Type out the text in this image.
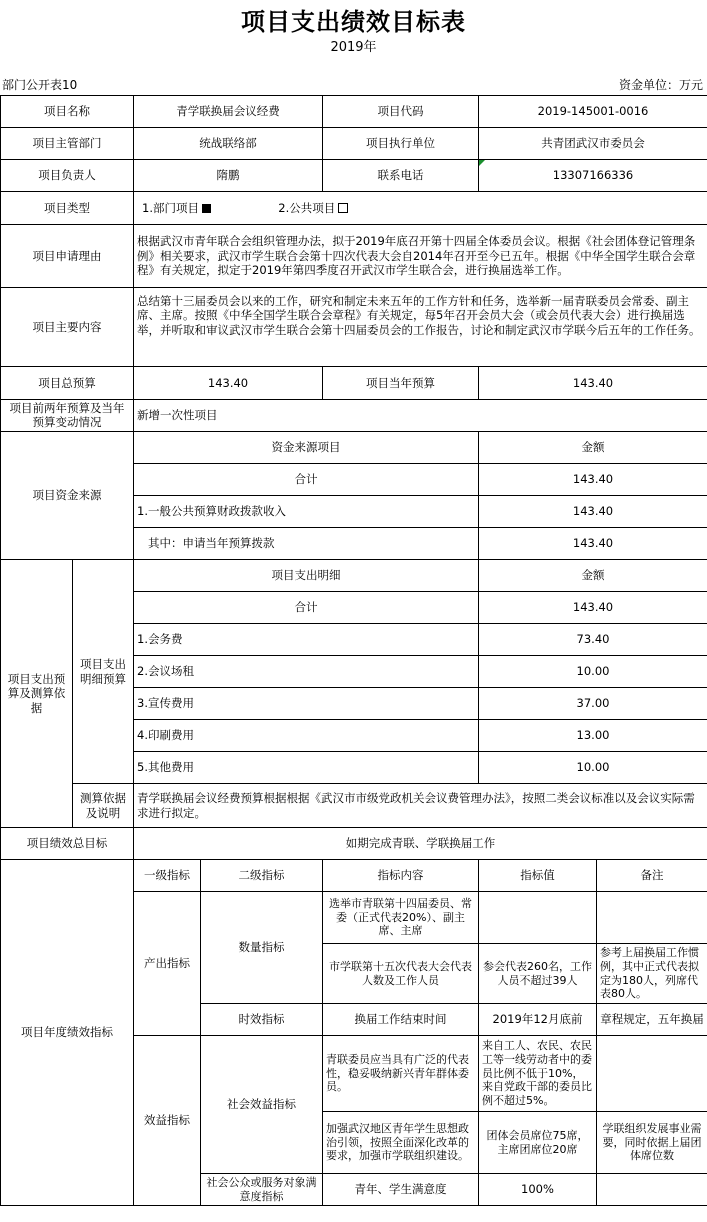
项目支出绩效目标表
2019年
部门公开表10	资金单位：万元
项目名称		青学联换届会议经费		项目代码	2019-145001-0016	
项目主管部门		统战联络部		项目执行单位	共青团武汉市委员会	
项目负责人		隋鹏		联系电话	13307166336	
项目类型		1.部门项目 2.公共项目				
项目申请理由		根据武汉市青年联合会组织管理办法，拟于2019年底召开第十四届全体委员会议。根据《社会团体登记管理条例》相关要求，武汉市学生联合会第十四次代表大会自2014年召开至今已五年。根据《中华全国学生联合会章程》有关规定，拟定于2019年第四季度召开武汉市学生联合会，进行换届选举工作。				
项目主要内容		总结第十三届委员会以来的工作，研究和制定未来五年的工作方针和任务，选举新一届青联委员会常委、副主席、主席。按照《中华全国学生联合会章程》有关规定，每5年召开会员大会（或会员代表大会）进行换届选举，并听取和审议武汉市学生联合会第十四届委员会的工作报告，讨论和制定武汉市学联今后五年的工作任务。				
项目总预算		143.40		项目当年预算	143.40	
项目前两年预算及当年预算变动情况		新增一次性项目				
项目资金来源		资金来源项目			金额	
		合计			143.40	
		1.一般公共预算财政拨款收入			143.40	
		其中：申请当年预算拨款			143.40	
项目支出预算及测算依据	项目支出明细预算	项目支出明细			金额	
		合计			143.40	
		1.会务费			73.40	
		2.会议场租			10.00	
		3.宣传费用			37.00	
		4.印刷费用			13.00	
		5.其他费用			10.00	
	测算依据及说明	青学联换届会议经费预算根据根据《武汉市市级党政机关会议费管理办法》，按照二类会议标准以及会议实际需求进行拟定。				
项目绩效总目标		如期完成青联、学联换届工作				
项目年度绩效指标		一级指标	二级指标	指标内容	指标值	备注
		产出指标	数量指标	选举市青联第十四届委员、常委（正式代表20%）、副主席、主席		
				市学联第十五次代表大会代表人数及工作人员	参会代表260名，工作人员不超过39人	参考上届换届工作惯例，其中正式代表拟定为180人，列席代表80人。
			时效指标	换届工作结束时间	2019年12月底前	章程规定，五年换届
		效益指标	社会效益指标	青联委员应当具有广泛的代表性，稳妥吸纳新兴青年群体委员。	来自工人、农民、农民工等一线劳动者中的委员比例不低于10%，来自党政干部的委员比例不超过5%。	
				加强武汉地区青年学生思想政治引领，按照全面深化改革的要求，加强市学联组织建设。	团体会员席位75席，主席团席位20席	学联组织发展事业需要，同时依据上届团体席位数
			社会公众或服务对象满意度指标	青年、学生满意度	100%	
